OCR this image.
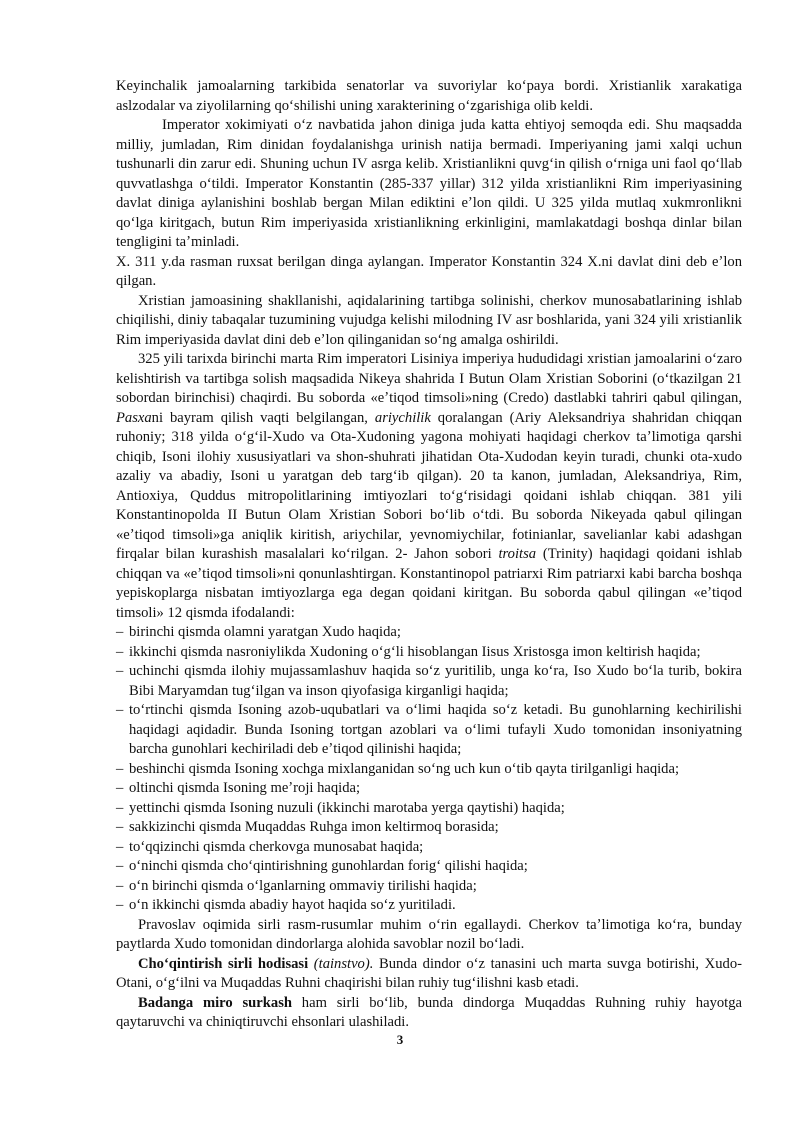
Keyinchalik jamoalarning tarkibida senatorlar va suvoriylar koʻpaya bordi. Xristianlik xarakatiga aslzodalar va ziyolilarning qoʻshilishi uning xarakterining oʻzgarishiga olib keldi.

Imperator xokimiyati oʻz navbatida jahon diniga juda katta ehtiyoj semoqda edi. Shu maqsadda milliy, jumladan, Rim dinidan foydalanishga urinish natija bermadi. Imperiyaning jami xalqi uchun tushunarli din zarur edi. Shuning uchun IV asrga kelib. Xristianlikni quvgʻin qilish oʻrniga uni faol qoʻllab quvvatlashga oʻtildi. Imperator Konstantin (285-337 yillar) 312 yilda xristianlikni Rim imperiyasining davlat diniga aylanishini boshlab bergan Milan ediktini eʼlon qildi. U 325 yilda mutlaq xukmronlikni qoʻlga kiritgach, butun Rim imperiyasida xristianlikning erkinligini, mamlakatdagi boshqa dinlar bilan tengligini taʼminladi.

X. 311 y.da rasman ruxsat berilgan dinga aylangan. Imperator Konstantin 324 X.ni davlat dini deb eʼlon qilgan.

Xristian jamoasining shakllanishi, aqidalarining tartibga solinishi, cherkov munosabatlarining ishlab chiqilishi, diniy tabaqalar tuzumining vujudga kelishi milodning IV asr boshlarida, yani 324 yili xristianlik Rim imperiyasida davlat dini deb eʼlon qilinganidan soʻng amalga oshirildi.

325 yili tarixda birinchi marta Rim imperatori Lisiniya imperiya hududidagi xristian jamoalarini oʻzaro kelishtirish va tartibga solish maqsadida Nikeya shahrida I Butun Olam Xristian Soborini (oʻtkazilgan 21 sobordan birinchisi) chaqirdi. Bu soborda «eʼtiqod timsoli»ning (Credo) dastlabki tahriri qabul qilingan, Pasxani bayram qilish vaqti belgilangan, ariychilik qoralangan (Ariy Aleksandriya shahridan chiqqan ruhoniy; 318 yilda oʻgʻil-Xudo va Ota-Xudoning yagona mohiyati haqidagi cherkov taʼlimotiga qarshi chiqib, Isoni ilohiy xususiyatlari va shon-shuhrati jihatidan Ota-Xudodan keyin turadi, chunki ota-xudo azaliy va abadiy, Isoni u yaratgan deb targʻib qilgan). 20 ta kanon, jumladan, Aleksandriya, Rim, Antioxiya, Quddus mitropolitlarining imtiyozlari toʻgʻrisidagi qoidani ishlab chiqqan. 381 yili Konstantinopolda II Butun Olam Xristian Sobori boʻlib oʻtdi. Bu soborda Nikeyada qabul qilingan «eʼtiqod timsoli»ga aniqlik kiritish, ariychilar, yevnomiychilar, fotinianlar, savelianlar kabi adashgan firqalar bilan kurashish masalalari koʻrilgan. 2- Jahon sobori troitsa (Trinity) haqidagi qoidani ishlab chiqqan va «eʼtiqod timsoli»ni qonunlashtirgan. Konstantinopol patriarxi Rim patriarxi kabi barcha boshqa yepiskoplarga nisbatan imtiyozlarga ega degan qoidani kiritgan. Bu soborda qabul qilingan «eʼtiqod timsoli» 12 qismda ifodalandi:

– birinchi qismda olamni yaratgan Xudo haqida;
– ikkinchi qismda nasroniylikda Xudoning oʻgʻli hisoblangan Iisus Xristosga imon keltirish haqida;
– uchinchi qismda ilohiy mujassamlashuv haqida soʻz yuritilib, unga koʻra, Iso Xudo boʻla turib, bokira Bibi Maryamdan tugʻilgan va inson qiyofasiga kirganligi haqida;
– toʻrtinchi qismda Isoning azob-uqubatlari va oʻlimi haqida soʻz ketadi. Bu gunohlarning kechirilishi haqidagi aqidadir. Bunda Isoning tortgan azoblari va oʻlimi tufayli Xudo tomonidan insoniyatning barcha gunohlari kechiriladi deb eʼtiqod qilinishi haqida;
– beshinchi qismda Isoning xochga mixlanganidan soʻng uch kun oʻtib qayta tirilganligi haqida;
– oltinchi qismda Isoning meʼroji haqida;
– yettinchi qismda Isoning nuzuli (ikkinchi marotaba yerga qaytishi) haqida;
– sakkizinchi qismda Muqaddas Ruhga imon keltirmoq borasida;
– toʻqqizinchi qismda cherkovga munosabat haqida;
– oʻninchi qismda choʻqintirishning gunohlardan forigʻ qilishi haqida;
– oʻn birinchi qismda oʻlganlarning ommaviy tirilishi haqida;
– oʻn ikkinchi qismda abadiy hayot haqida soʻz yuritiladi.

Pravoslav oqimida sirli rasm-rusumlar muhim oʻrin egallaydi. Cherkov taʼlimotiga koʻra, bunday paytlarda Xudo tomonidan dindorlarga alohida savoblar nozil boʻladi.

Choʻqintirish sirli hodisasi (tainstvo). Bunda dindor oʻz tanasini uch marta suvga botirishi, Xudo-Otani, oʻgʻilni va Muqaddas Ruhni chaqirishi bilan ruhiy tugʻilishni kasb etadi.

Badanga miro surkash ham sirli boʻlib, bunda dindorga Muqaddas Ruhning ruhiy hayotga qaytaruvchi va chiniqtiruvchi ehsonlari ulashiladi.

3
